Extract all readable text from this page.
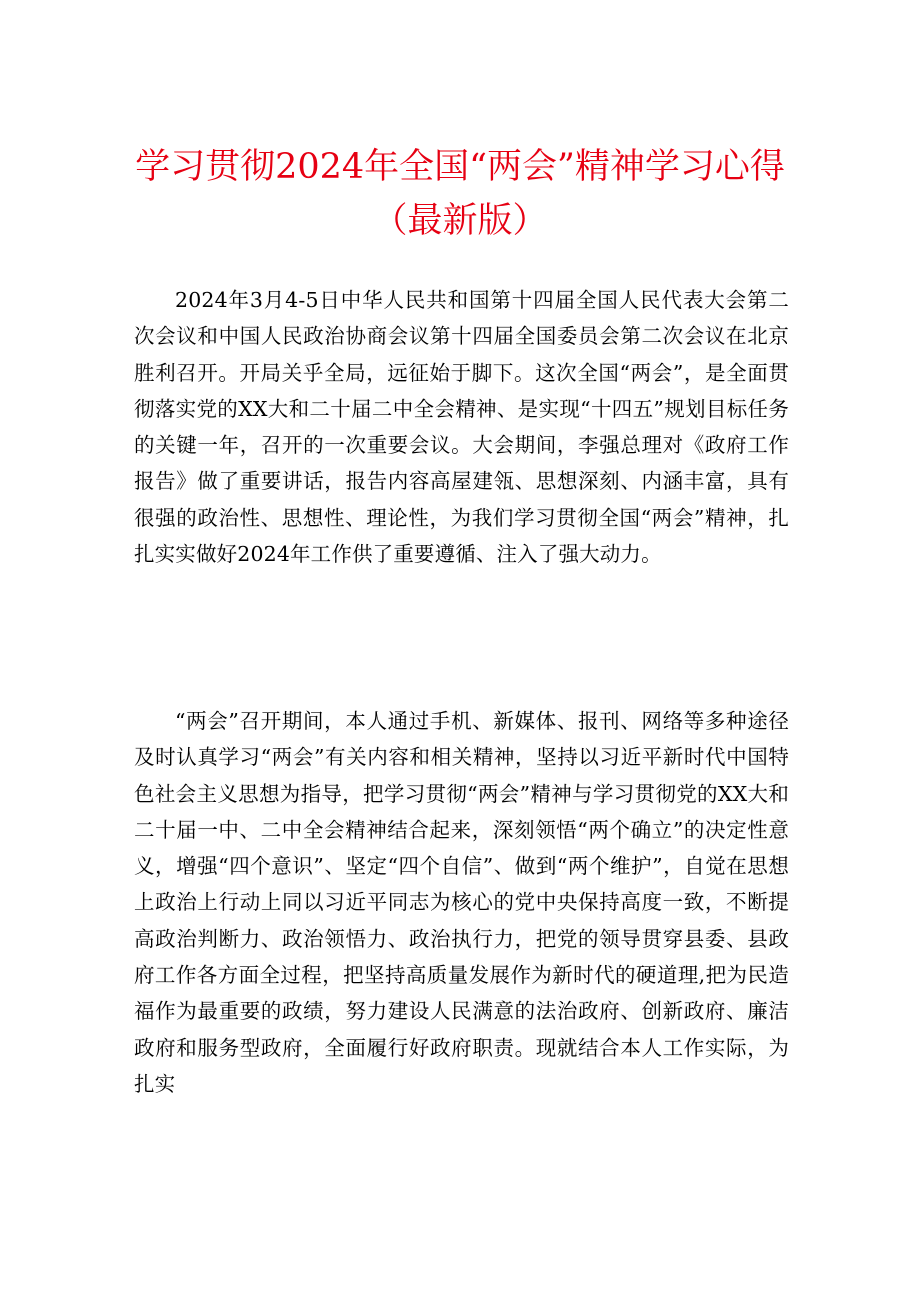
学习贯彻2024年全国“两会”精神学习心得（最新版）

2024年3月4-5日中华人民共和国第十四届全国人民代表大会第二次会议和中国人民政治协商会议第十四届全国委员会第二次会议在北京胜利召开。开局关乎全局，远征始于脚下。这次全国“两会”，是全面贯彻落实党的XX大和二十届二中全会精神、是实现“十四五”规划目标任务的关键一年，召开的一次重要会议。大会期间，李强总理对《政府工作报告》做了重要讲话，报告内容高屋建瓴、思想深刻、内涵丰富，具有很强的政治性、思想性、理论性，为我们学习贯彻全国“两会”精神，扎扎实实做好2024年工作供了重要遵循、注入了强大动力。

“两会”召开期间，本人通过手机、新媒体、报刊、网络等多种途径及时认真学习“两会”有关内容和相关精神，坚持以习近平新时代中国特色社会主义思想为指导，把学习贯彻“两会”精神与学习贯彻党的XX大和二十届一中、二中全会精神结合起来，深刻领悟“两个确立”的决定性意义，增强“四个意识”、坚定“四个自信”、做到“两个维护”，自觉在思想上政治上行动上同以习近平同志为核心的党中央保持高度一致，不断提高政治判断力、政治领悟力、政治执行力，把党的领导贯穿县委、县政府工作各方面全过程，把坚持高质量发展作为新时代的硬道理,把为民造福作为最重要的政绩，努力建设人民满意的法治政府、创新政府、廉洁政府和服务型政府，全面履行好政府职责。现就结合本人工作实际，为扎实
